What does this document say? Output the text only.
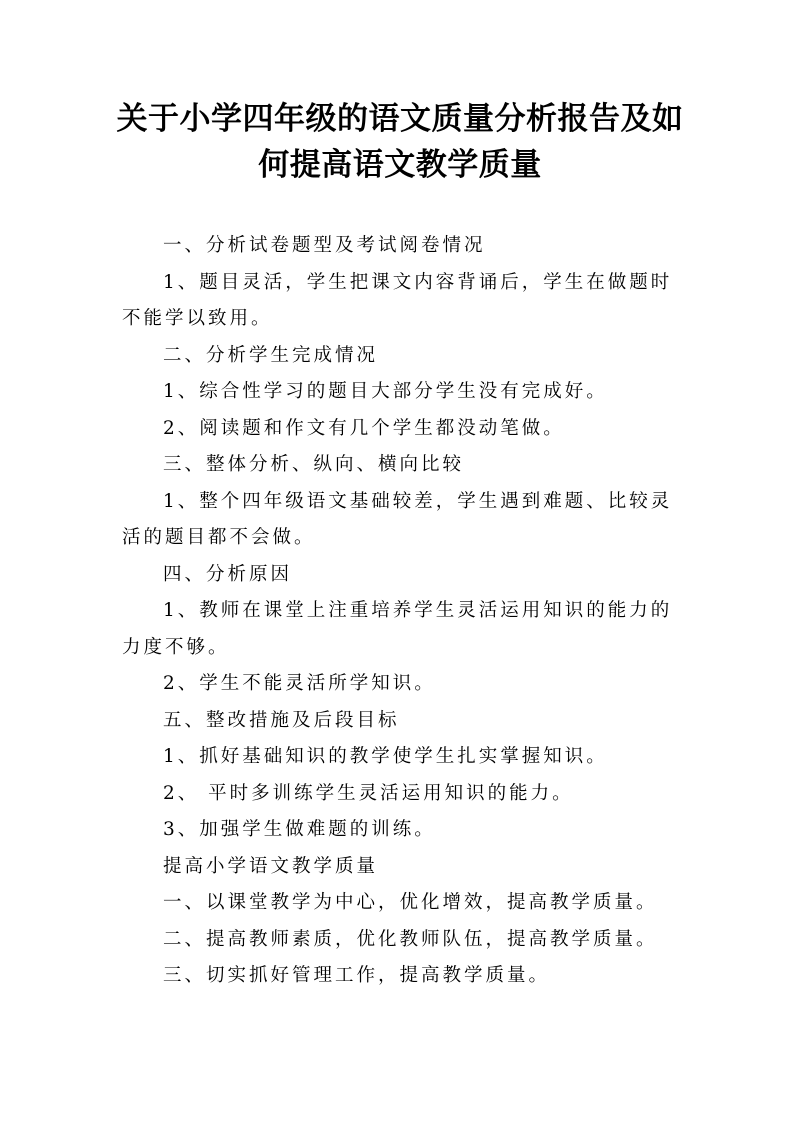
关于小学四年级的语文质量分析报告及如
何提高语文教学质量

一、分析试卷题型及考试阅卷情况

1、题目灵活，学生把课文内容背诵后，学生在做题时不能学以致用。

二、分析学生完成情况

1、综合性学习的题目大部分学生没有完成好。

2、阅读题和作文有几个学生都没动笔做。

三、整体分析、纵向、横向比较

1、整个四年级语文基础较差，学生遇到难题、比较灵活的题目都不会做。

四、分析原因

1、教师在课堂上注重培养学生灵活运用知识的能力的力度不够。

2、学生不能灵活所学知识。

五、整改措施及后段目标

1、抓好基础知识的教学使学生扎实掌握知识。

2、 平时多训练学生灵活运用知识的能力。

3、加强学生做难题的训练。

提高小学语文教学质量

一、以课堂教学为中心，优化增效，提高教学质量。

二、提高教师素质，优化教师队伍，提高教学质量。

三、切实抓好管理工作，提高教学质量。
